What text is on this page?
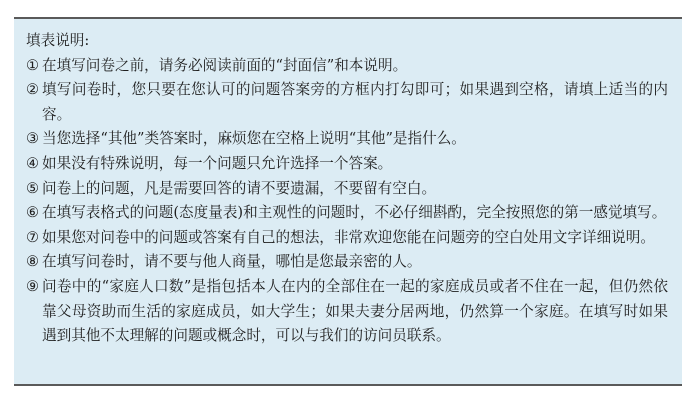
填表说明:

① 在填写问卷之前，请务必阅读前面的“封面信”和本说明。
② 填写问卷时，您只要在您认可的问题答案旁的方框内打勾即可；如果遇到空格，请填上适当的内容。
③ 当您选择“其他”类答案时，麻烦您在空格上说明“其他”是指什么。
④ 如果没有特殊说明，每一个问题只允许选择一个答案。
⑤ 问卷上的问题，凡是需要回答的请不要遗漏，不要留有空白。
⑥ 在填写表格式的问题(态度量表)和主观性的问题时，不必仔细斟酌，完全按照您的第一感觉填写。
⑦ 如果您对问卷中的问题或答案有自己的想法，非常欢迎您能在问题旁的空白处用文字详细说明。
⑧ 在填写问卷时，请不要与他人商量，哪怕是您最亲密的人。
⑨ 问卷中的“家庭人口数”是指包括本人在内的全部住在一起的家庭成员或者不住在一起，但仍然依靠父母资助而生活的家庭成员，如大学生；如果夫妻分居两地，仍然算一个家庭。在填写时如果遇到其他不太理解的问题或概念时，可以与我们的访问员联系。
